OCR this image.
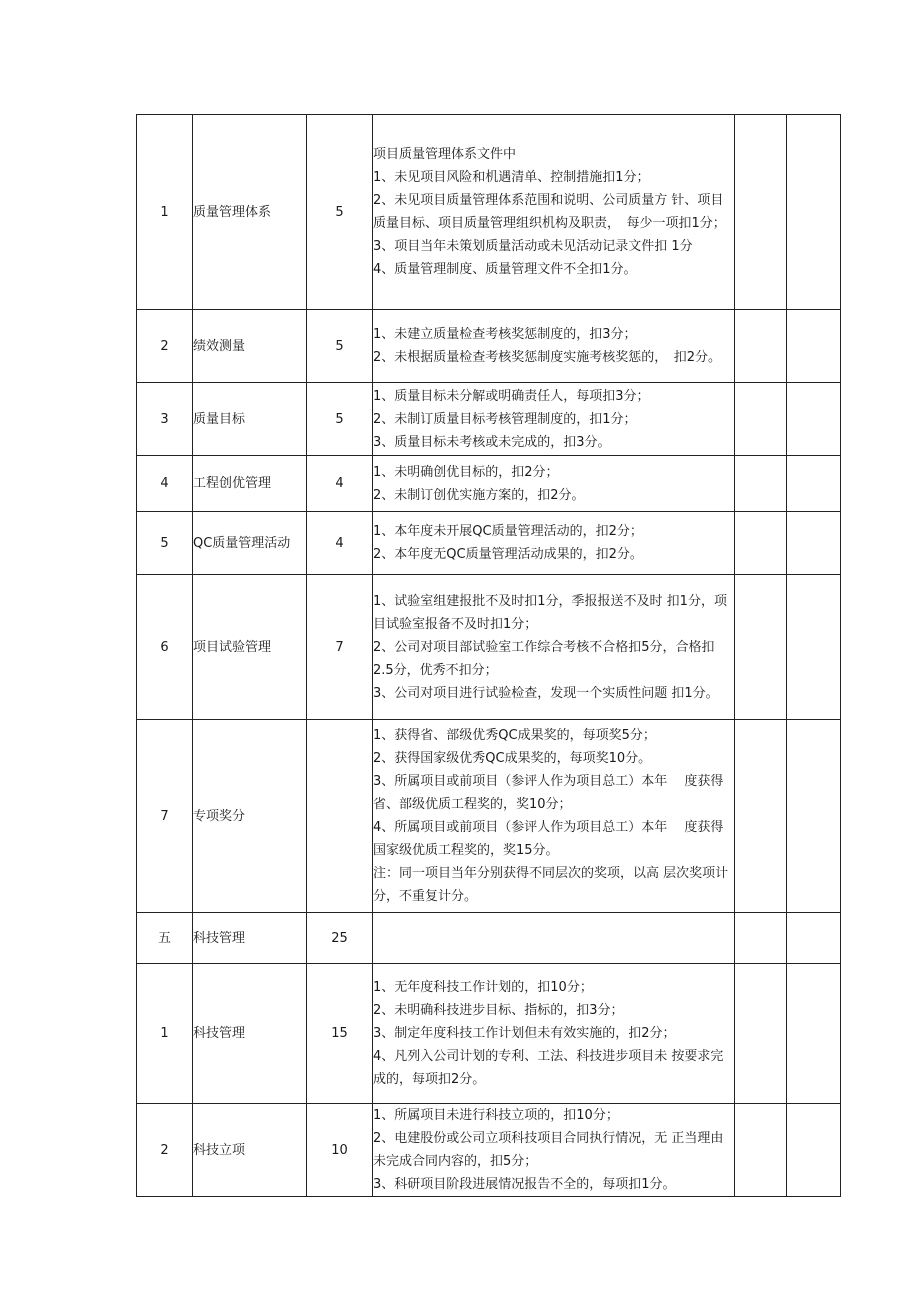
1	质量管理体系	5	项目质量管理体系文件中
1、未见项目风险和机遇清单、控制措施扣1分；
2、未见项目质量管理体系范围和说明、公司质量方 针、项目质量目标、项目质量管理组织机构及职责，　每少一项扣1分；
3、项目当年未策划质量活动或未见活动记录文件扣 1分
4、质量管理制度、质量管理文件不全扣1分。		

2	绩效测量	5	1、未建立质量检查考核奖惩制度的，扣3分；
2、未根据质量检查考核奖惩制度实施考核奖惩的，　扣2分。		

3	质量目标	5	1、质量目标未分解或明确责任人，每项扣3分；
2、未制订质量目标考核管理制度的，扣1分；
3、质量目标未考核或未完成的，扣3分。		

4	工程创优管理	4	1、未明确创优目标的，扣2分；
2、未制订创优实施方案的，扣2分。		

5	QC质量管理活动	4	1、本年度未开展QC质量管理活动的，扣2分；
2、本年度无QC质量管理活动成果的，扣2分。		

6	项目试验管理	7	1、试验室组建报批不及时扣1分，季报报送不及时 扣1分，项目试验室报备不及时扣1分；
2、公司对项目部试验室工作综合考核不合格扣5分，合格扣2.5分，优秀不扣分；
3、公司对项目进行试验检查，发现一个实质性问题 扣1分。		

7	专项奖分		1、获得省、部级优秀QC成果奖的，每项奖5分；
2、获得国家级优秀QC成果奖的，每项奖10分。
3、所属项目或前项目（参评人作为项目总工）本年　 度获得省、部级优质工程奖的，奖10分；
4、所属项目或前项目（参评人作为项目总工）本年　 度获得国家级优质工程奖的，奖15分。
注：同一项目当年分别获得不同层次的奖项，以高 层次奖项计分，不重复计分。		

五	科技管理	25			
1	科技管理	15	1、无年度科技工作计划的，扣10分；
2、未明确科技进步目标、指标的，扣3分；
3、制定年度科技工作计划但未有效实施的，扣2分；
4、凡列入公司计划的专利、工法、科技进步项目未 按要求完成的，每项扣2分。		

2	科技立项	10	1、所属项目未进行科技立项的，扣10分；
2、电建股份或公司立项科技项目合同执行情况，无 正当理由未完成合同内容的，扣5分；
3、科研项目阶段进展情况报告不全的，每项扣1分。		
